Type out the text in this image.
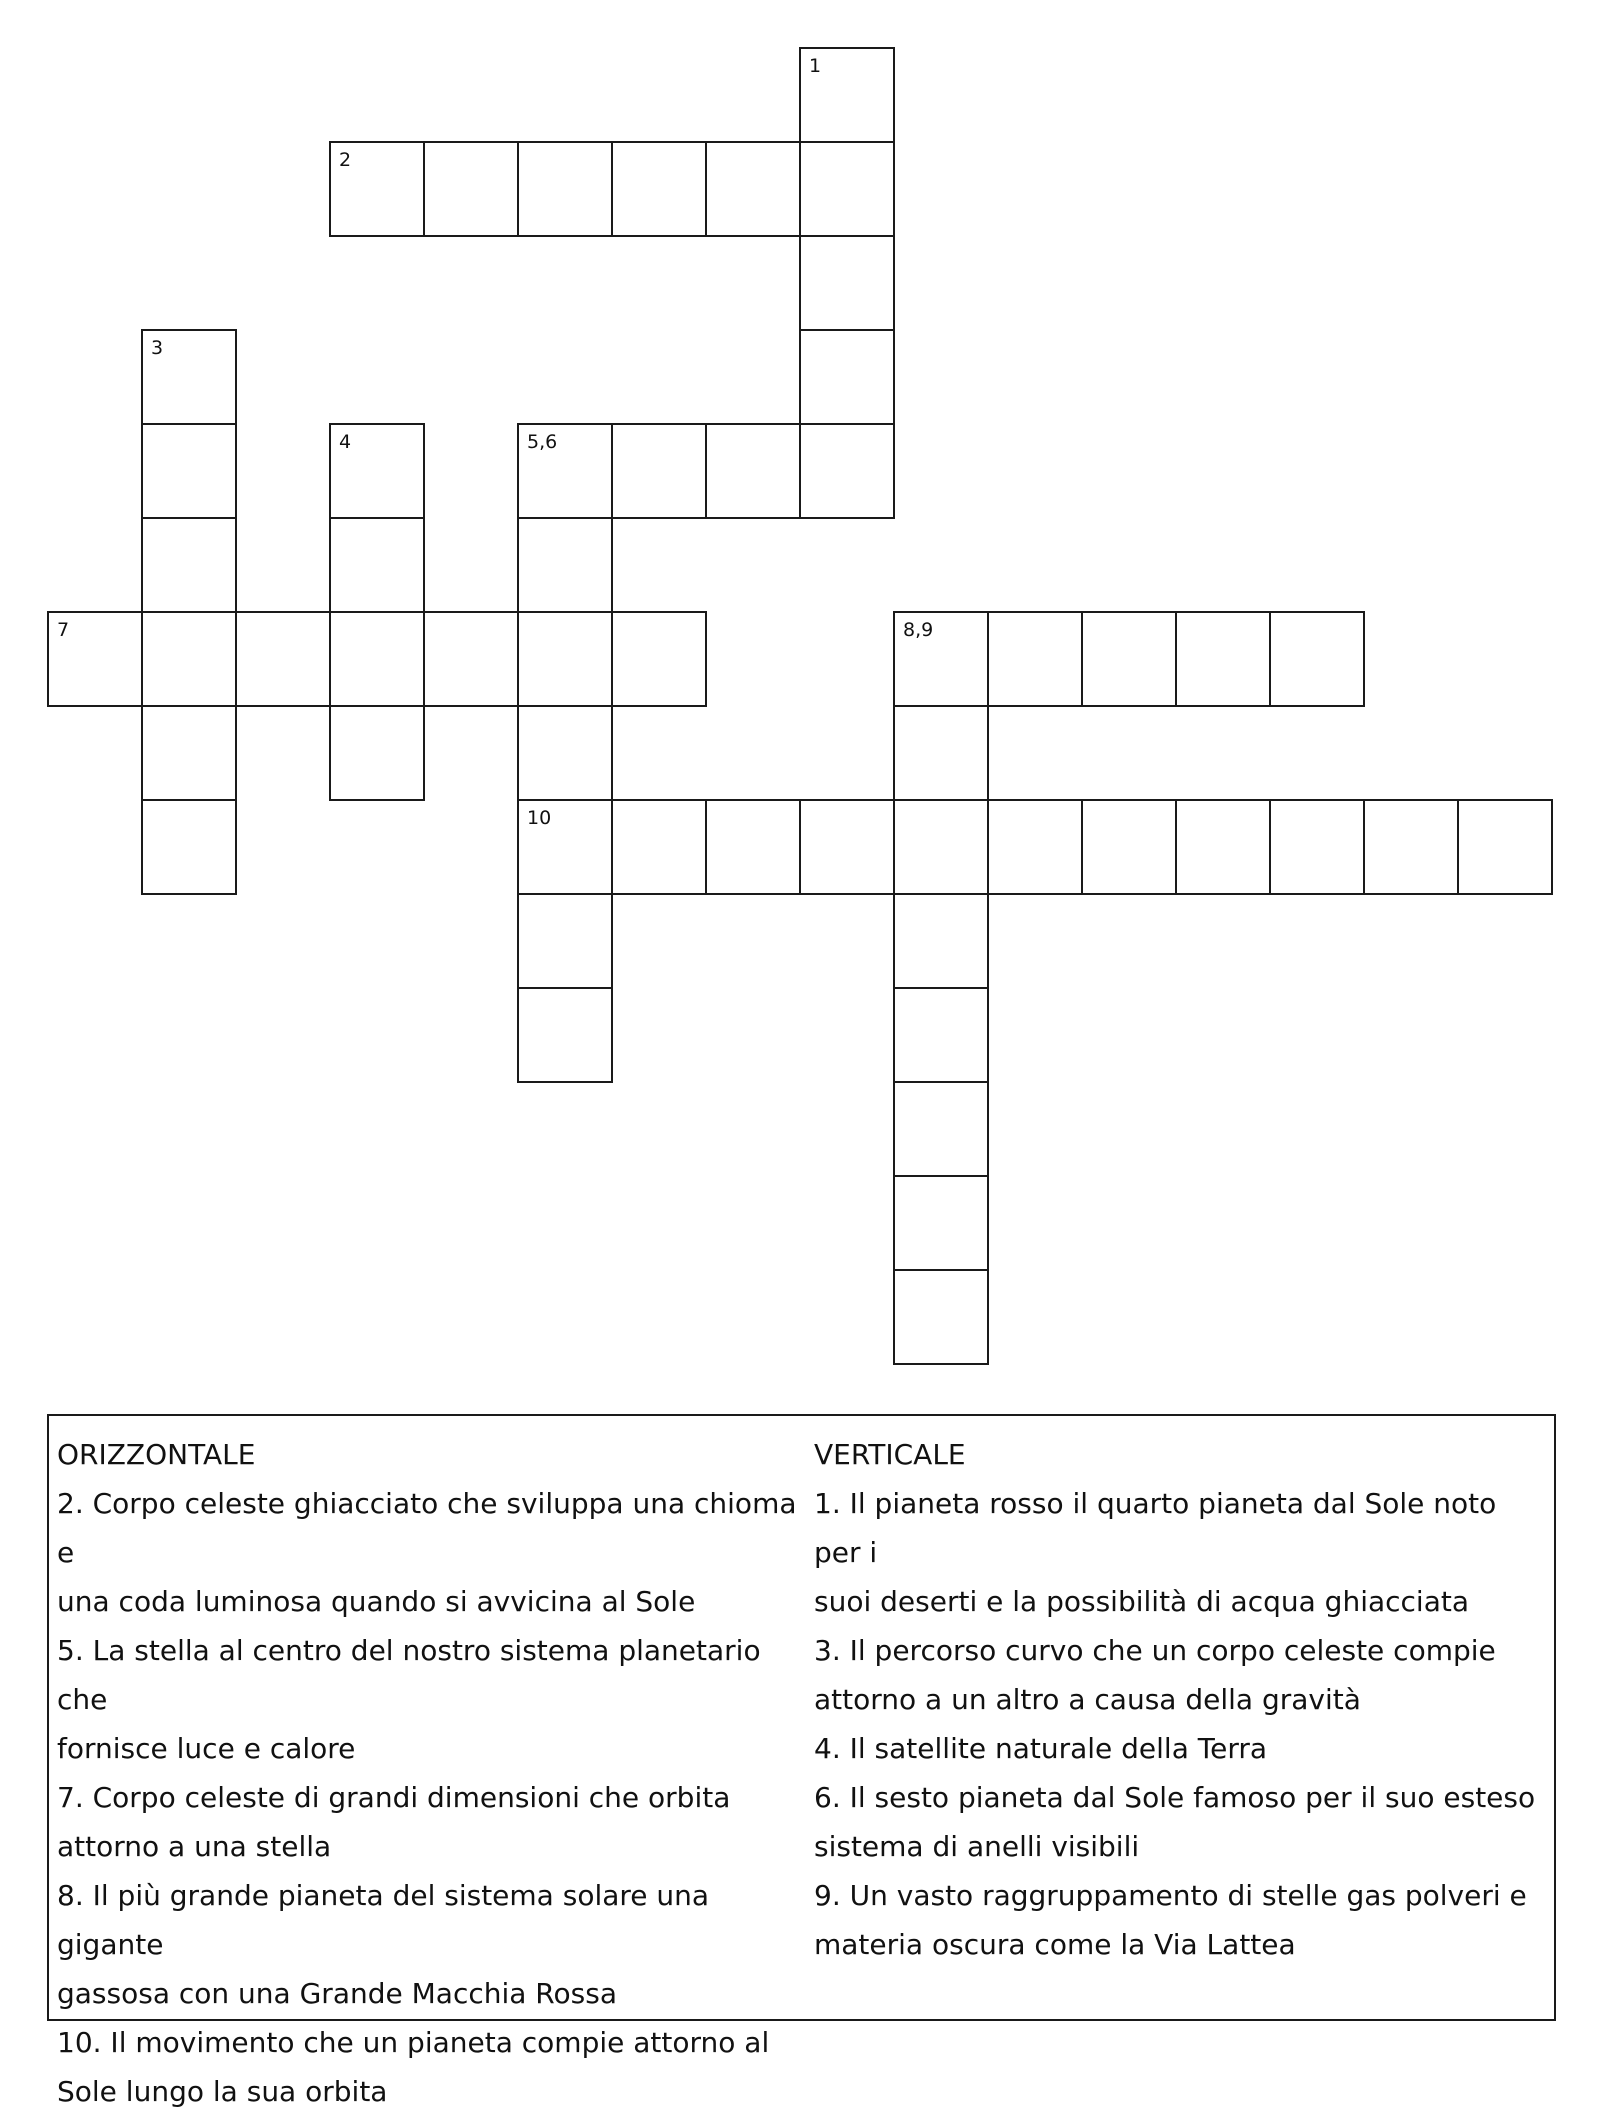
1
2
3
4	5,6
7	8,9
10
ORIZZONTALE
2. Corpo celeste ghiacciato che sviluppa una chioma e
una coda luminosa quando si avvicina al Sole
5. La stella al centro del nostro sistema planetario che
fornisce luce e calore
7. Corpo celeste di grandi dimensioni che orbita
attorno a una stella
8. Il più grande pianeta del sistema solare una gigante
gassosa con una Grande Macchia Rossa
10. Il movimento che un pianeta compie attorno al
Sole lungo la sua orbita
VERTICALE
1. Il pianeta rosso il quarto pianeta dal Sole noto per i
suoi deserti e la possibilità di acqua ghiacciata
3. Il percorso curvo che un corpo celeste compie
attorno a un altro a causa della gravità
4. Il satellite naturale della Terra
6. Il sesto pianeta dal Sole famoso per il suo esteso
sistema di anelli visibili
9. Un vasto raggruppamento di stelle gas polveri e
materia oscura come la Via Lattea
